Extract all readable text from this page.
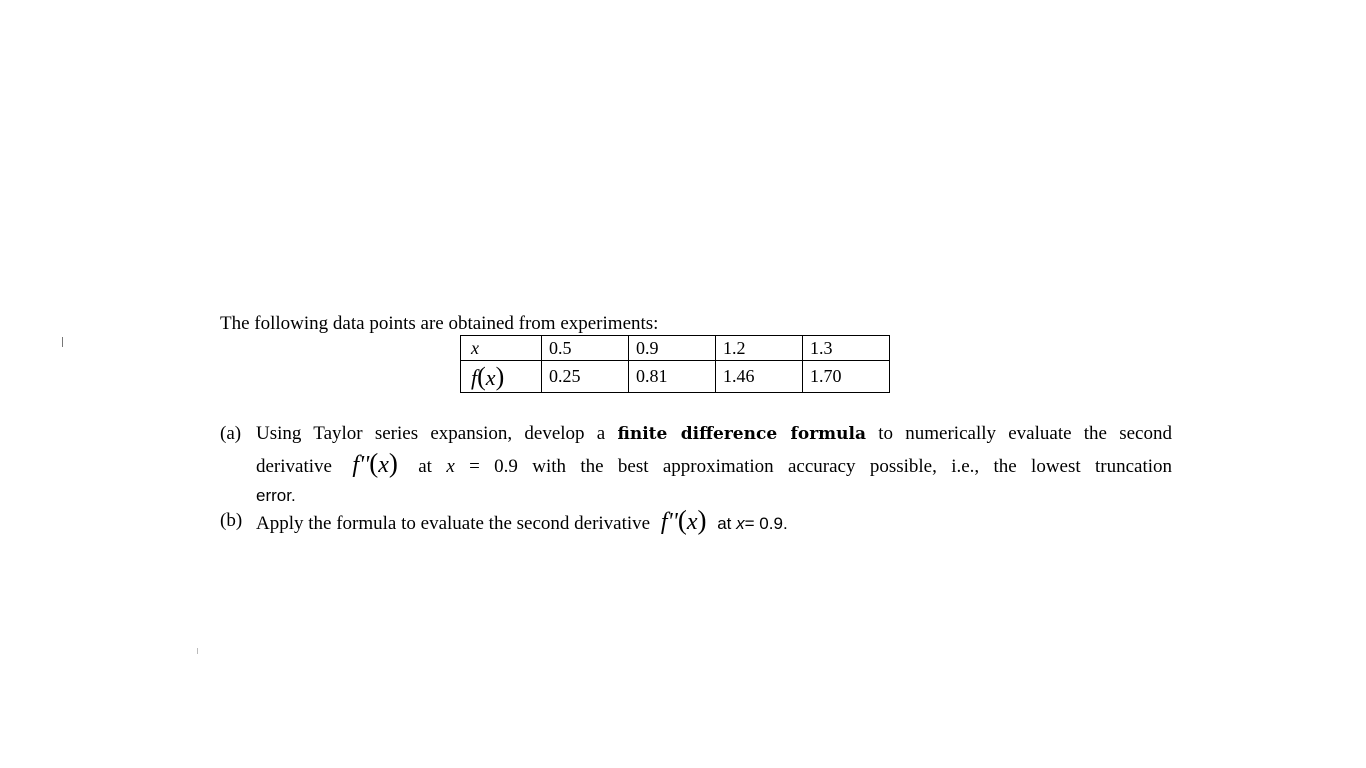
The following data points are obtained from experiments:
x	0.5	0.9	1.2	1.3
f(x)	0.25	0.81	1.46	1.70
(a) Using Taylor series expansion, develop a finite difference formula to numerically evaluate the second
derivative f''(x) at x = 0.9 with the best approximation accuracy possible, i.e., the lowest truncation
error.
(b) Apply the formula to evaluate the second derivative f''(x) at x= 0.9.
